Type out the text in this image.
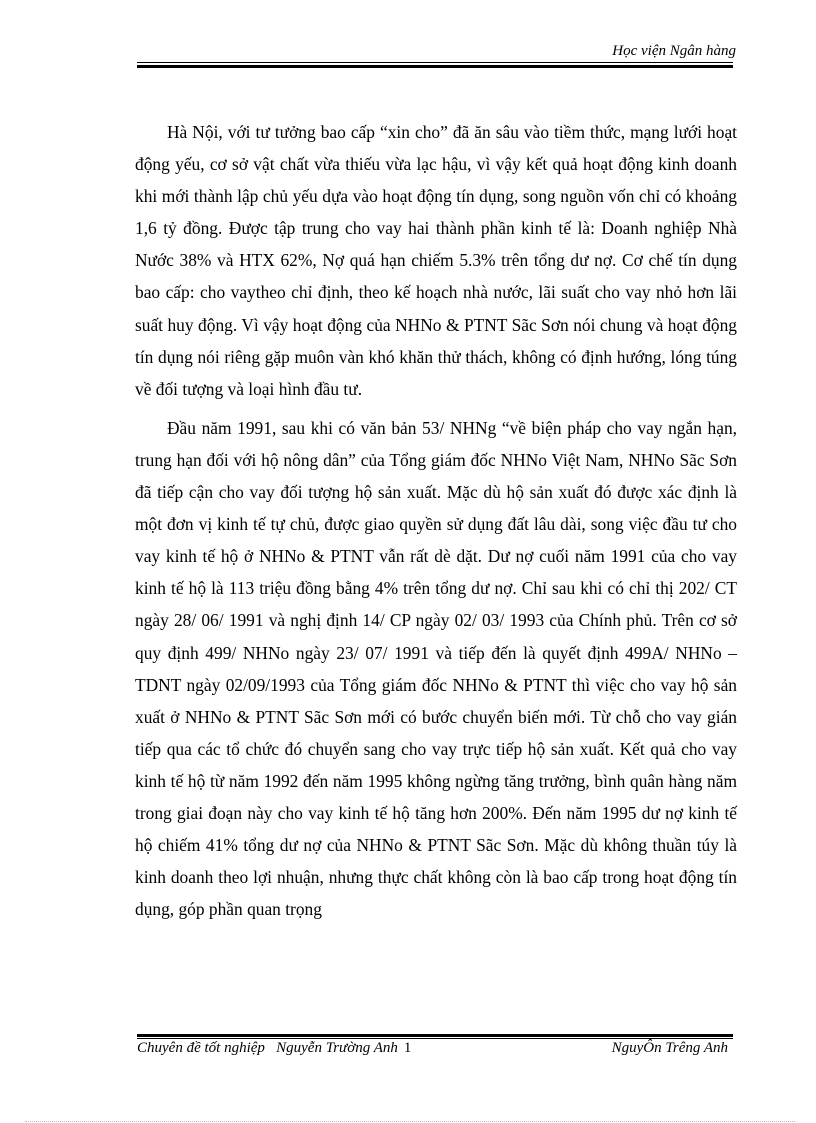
Học viện Ngân hàng

Hà Nội, với tư tưởng bao cấp “xin cho” đã ăn sâu vào tiềm thức, mạng lưới hoạt động yếu, cơ sở vật chất vừa thiếu vừa lạc hậu, vì vậy kết quả hoạt động kinh doanh khi mới thành lập chủ yếu dựa vào hoạt động tín dụng, song nguồn vốn chỉ có khoảng 1,6 tỷ đồng. Được tập trung cho vay hai thành phần kinh tế là: Doanh nghiệp Nhà Nước 38% và HTX 62%, Nợ quá hạn chiếm 5.3% trên tổng dư nợ. Cơ chế tín dụng bao cấp: cho vaytheo chỉ định, theo kế hoạch nhà nước, lãi suất cho vay nhỏ hơn lãi suất huy động. Vì vậy hoạt động của NHNo & PTNT Sãc Sơn nói chung và hoạt động tín dụng nói riêng gặp muôn vàn khó khăn thử thách, không có định hướng, lóng túng về đối tượng và loại hình đầu tư.

Đầu năm 1991, sau khi có văn bản 53/ NHNg “về biện pháp cho vay ngắn hạn, trung hạn đối với hộ nông dân” của Tổng giám đốc NHNo Việt Nam, NHNo Sãc Sơn đã tiếp cận cho vay đối tượng hộ sản xuất. Mặc dù hộ sản xuất đó được xác định là một đơn vị kinh tế tự chủ, được giao quyền sử dụng đất lâu dài, song việc đầu tư cho vay kinh tế hộ ở NHNo & PTNT vẫn rất dè dặt. Dư nợ cuối năm 1991 của cho vay kinh tế hộ là 113 triệu đồng bằng 4% trên tổng dư nợ. Chỉ sau khi có chỉ thị 202/ CT ngày 28/ 06/ 1991 và nghị định 14/ CP ngày 02/ 03/ 1993 của Chính phủ. Trên cơ sở quy định 499/ NHNo ngày 23/ 07/ 1991 và tiếp đến là quyết định 499A/ NHNo – TDNT ngày 02/09/1993 của Tổng giám đốc NHNo & PTNT thì việc cho vay hộ sản xuất ở NHNo & PTNT Sãc Sơn mới có bước chuyển biến mới. Từ chỗ cho vay gián tiếp qua các tổ chức đó chuyển sang cho vay trực tiếp hộ sản xuất. Kết quả cho vay kinh tế hộ từ năm 1992 đến năm 1995 không ngừng tăng trưởng, bình quân hàng năm trong giai đoạn này cho vay kinh tế hộ tăng hơn 200%. Đến năm 1995 dư nợ kinh tế hộ chiếm 41% tổng dư nợ của NHNo & PTNT Sãc Sơn. Mặc dù không thuần túy là kinh doanh theo lợi nhuận, nhưng thực chất không còn là bao cấp trong hoạt động tín dụng, góp phần quan trọng

Chuyên đề tốt nghiệp   Nguyễn Trường Anh 1	NguyÔn Trêng Anh
